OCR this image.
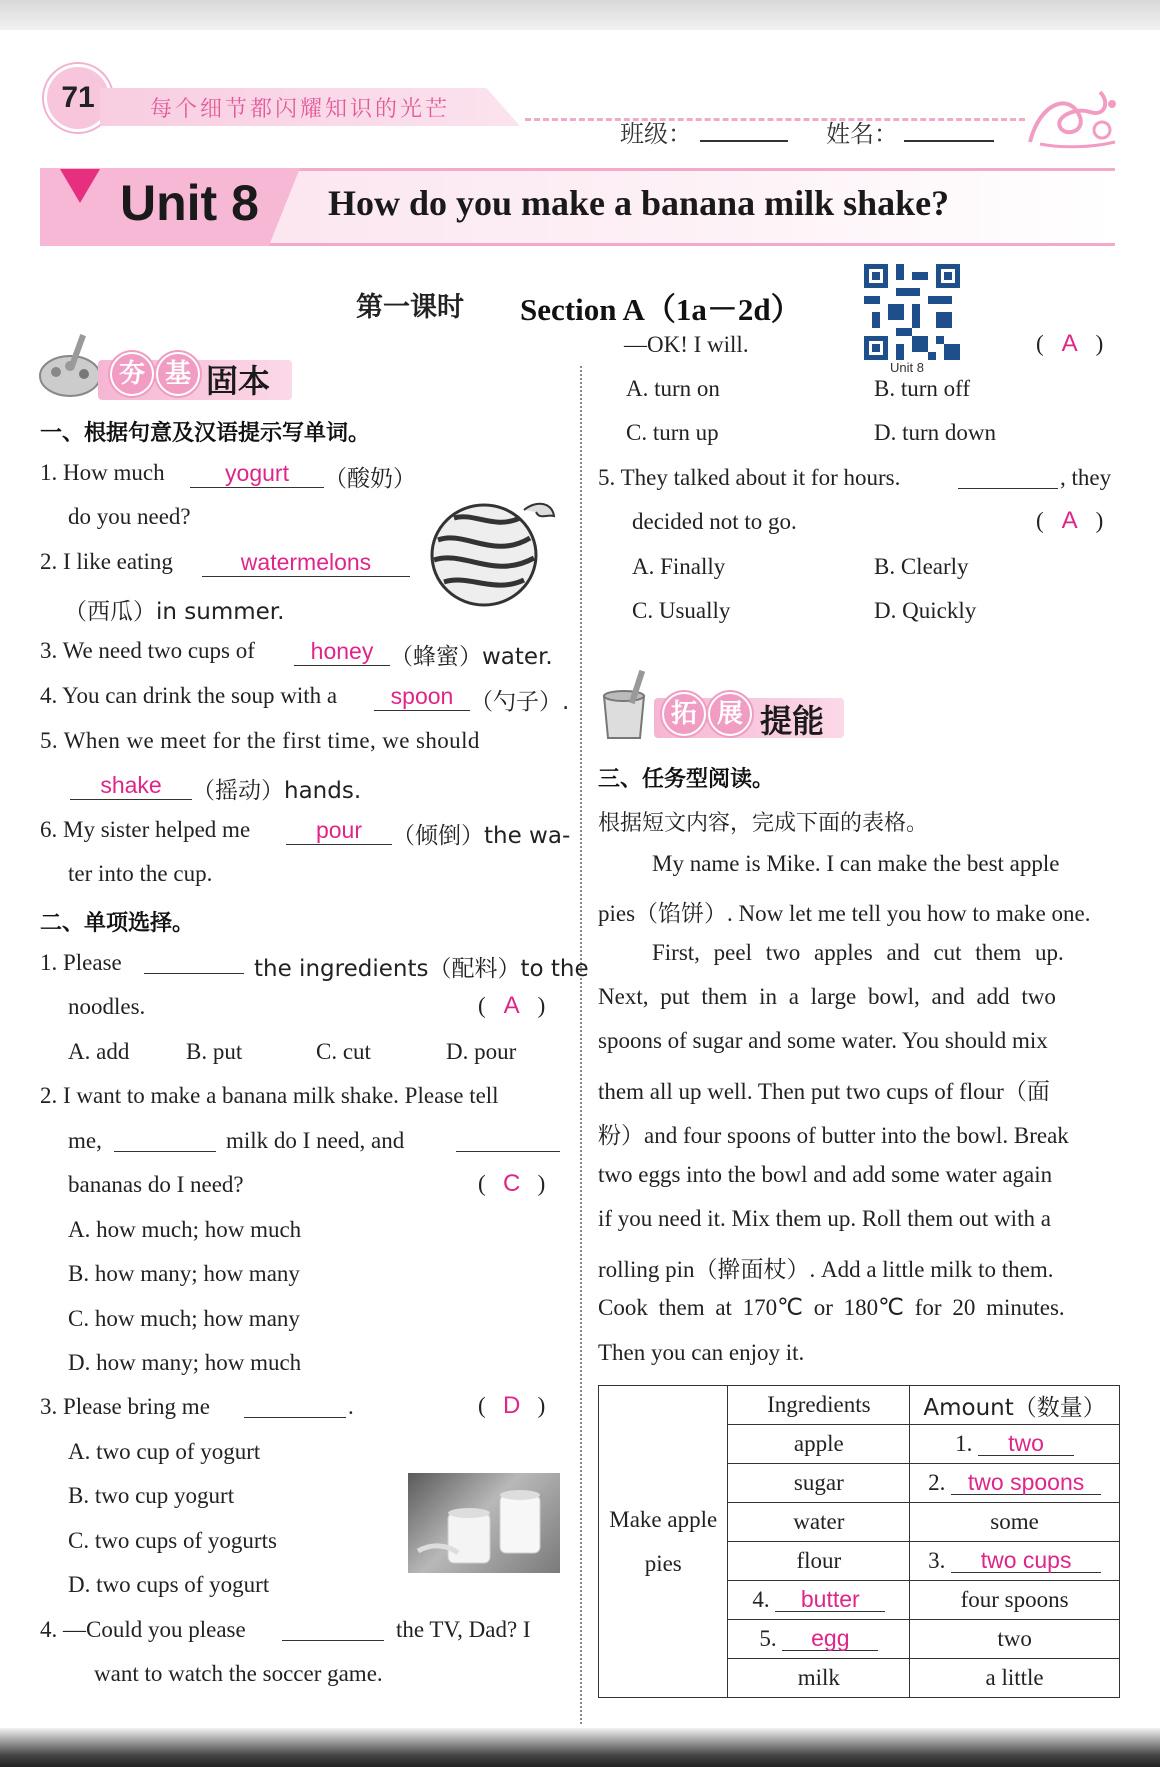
71	每个细节都闪耀知识的光芒
班级：	姓名：
Unit 8 How do you make a banana milk shake?
第一课时 Section A（1a－2d）
Unit 8
夯 基 固本
一、根据句意及汉语提示写单词。
1. How much	yogurt	（酸奶）
do you need?
2. I like eating	watermelons
（西瓜）in summer.
3. We need two cups of	honey （蜂蜜）water.
4. You can drink the soup with a	spoon （勺子）.
5. When we meet for the first time, we should
shake	（摇动）hands.
6. My sister helped me	pour	（倾倒）the wa-
ter into the cup.
二、单项选择。
1. Please	the ingredients（配料）to the
noodles.	( A )
A. add B. put	C. cut	D. pour
2. I want to make a banana milk shake. Please tell
me,	milk do I need, and
bananas do I need?	( C )
A. how much; how much
B. how many; how many
C. how much; how many
D. how many; how much
3. Please bring me	.	( D )
A. two cup of yogurt
B. two cup yogurt
C. two cups of yogurts
D. two cups of yogurt
4. —Could you please	the TV, Dad? I
want to watch the soccer game.
—OK! I will.	( A )
A. turn on	B. turn off
C. turn up	D. turn down
5. They talked about it for hours.	, they
decided not to go.	( A )
A. Finally	B. Clearly
C. Usually	D. Quickly
拓 展 提能
三、任务型阅读。
根据短文内容，完成下面的表格。
My name is Mike. I can make the best apple
pies（馅饼）. Now let me tell you how to make one.
First, peel two apples and cut them up.
Next, put them in a large bowl, and add two
spoons of sugar and some water. You should mix
them all up well. Then put two cups of flour（面
粉）and four spoons of butter into the bowl. Break
two eggs into the bowl and add some water again
if you need it. Mix them up. Roll them out with a
rolling pin（擀面杖）. Add a little milk to them.
Cook them at 170℃ or 180℃ for 20 minutes.
Then you can enjoy it.
Make apple
pies	Ingredients	Amount（数量）
	apple	1. two
	sugar	2. two spoons
	water	some
	flour	3. two cups
	4. butter	four spoons
	5. egg	two
	milk	a little
